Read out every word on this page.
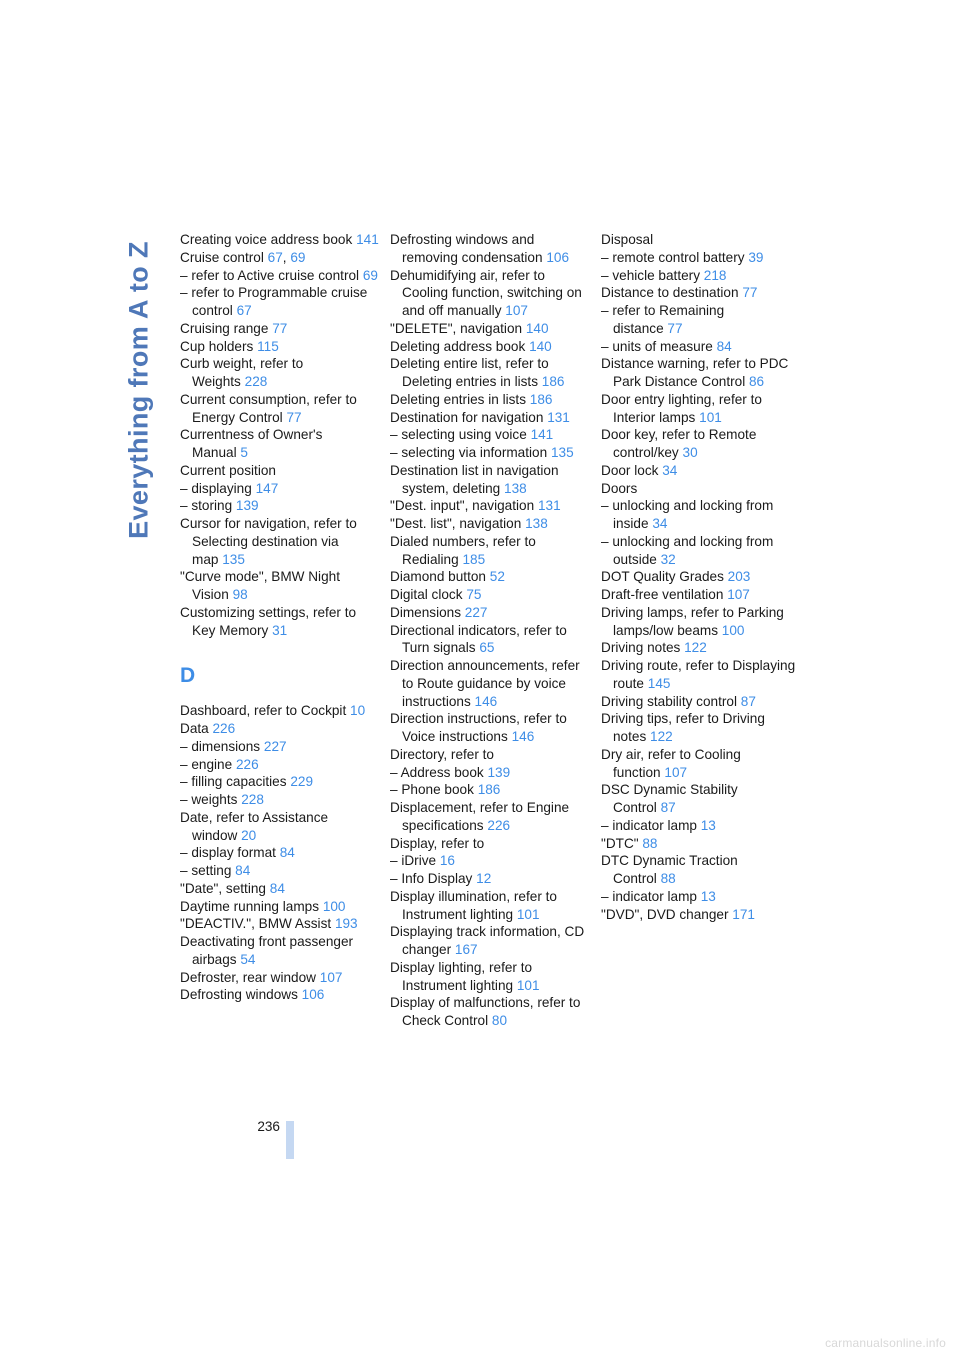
Everything from A to Z

Creating voice address book 141

Cruise control 67, 69

– refer to Active cruise control 69

– refer to Programmable cruise control 67

Cruising range 77

Cup holders 115

Curb weight, refer to Weights 228

Current consumption, refer to Energy Control 77

Currentness of Owner's Manual 5

Current position

– displaying 147

– storing 139

Cursor for navigation, refer to Selecting destination via map 135

"Curve mode", BMW Night Vision 98

Customizing settings, refer to Key Memory 31

D

Dashboard, refer to Cockpit 10

Data 226

– dimensions 227

– engine 226

– filling capacities 229

– weights 228

Date, refer to Assistance window 20

– display format 84

– setting 84

"Date", setting 84

Daytime running lamps 100

"DEACTIV.", BMW Assist 193

Deactivating front passenger airbags 54

Defroster, rear window 107

Defrosting windows 106

Defrosting windows and removing condensation 106

Dehumidifying air, refer to Cooling function, switching on and off manually 107

"DELETE", navigation 140

Deleting address book 140

Deleting entire list, refer to Deleting entries in lists 186

Deleting entries in lists 186

Destination for navigation 131

– selecting using voice 141

– selecting via information 135

Destination list in navigation system, deleting 138

"Dest. input", navigation 131

"Dest. list", navigation 138

Dialed numbers, refer to Redialing 185

Diamond button 52

Digital clock 75

Dimensions 227

Directional indicators, refer to Turn signals 65

Direction announcements, refer to Route guidance by voice instructions 146

Direction instructions, refer to Voice instructions 146

Directory, refer to

– Address book 139

– Phone book 186

Displacement, refer to Engine specifications 226

Display, refer to

– iDrive 16

– Info Display 12

Display illumination, refer to Instrument lighting 101

Displaying track information, CD changer 167

Display lighting, refer to Instrument lighting 101

Display of malfunctions, refer to Check Control 80

Disposal

– remote control battery 39

– vehicle battery 218

Distance to destination 77

– refer to Remaining distance 77

– units of measure 84

Distance warning, refer to PDC Park Distance Control 86

Door entry lighting, refer to Interior lamps 101

Door key, refer to Remote control/key 30

Door lock 34

Doors

– unlocking and locking from inside 34

– unlocking and locking from outside 32

DOT Quality Grades 203

Draft-free ventilation 107

Driving lamps, refer to Parking lamps/low beams 100

Driving notes 122

Driving route, refer to Displaying route 145

Driving stability control 87

Driving tips, refer to Driving notes 122

Dry air, refer to Cooling function 107

DSC Dynamic Stability Control 87

– indicator lamp 13

"DTC" 88

DTC Dynamic Traction Control 88

– indicator lamp 13

"DVD", DVD changer 171

236
carmanualsonline.info
